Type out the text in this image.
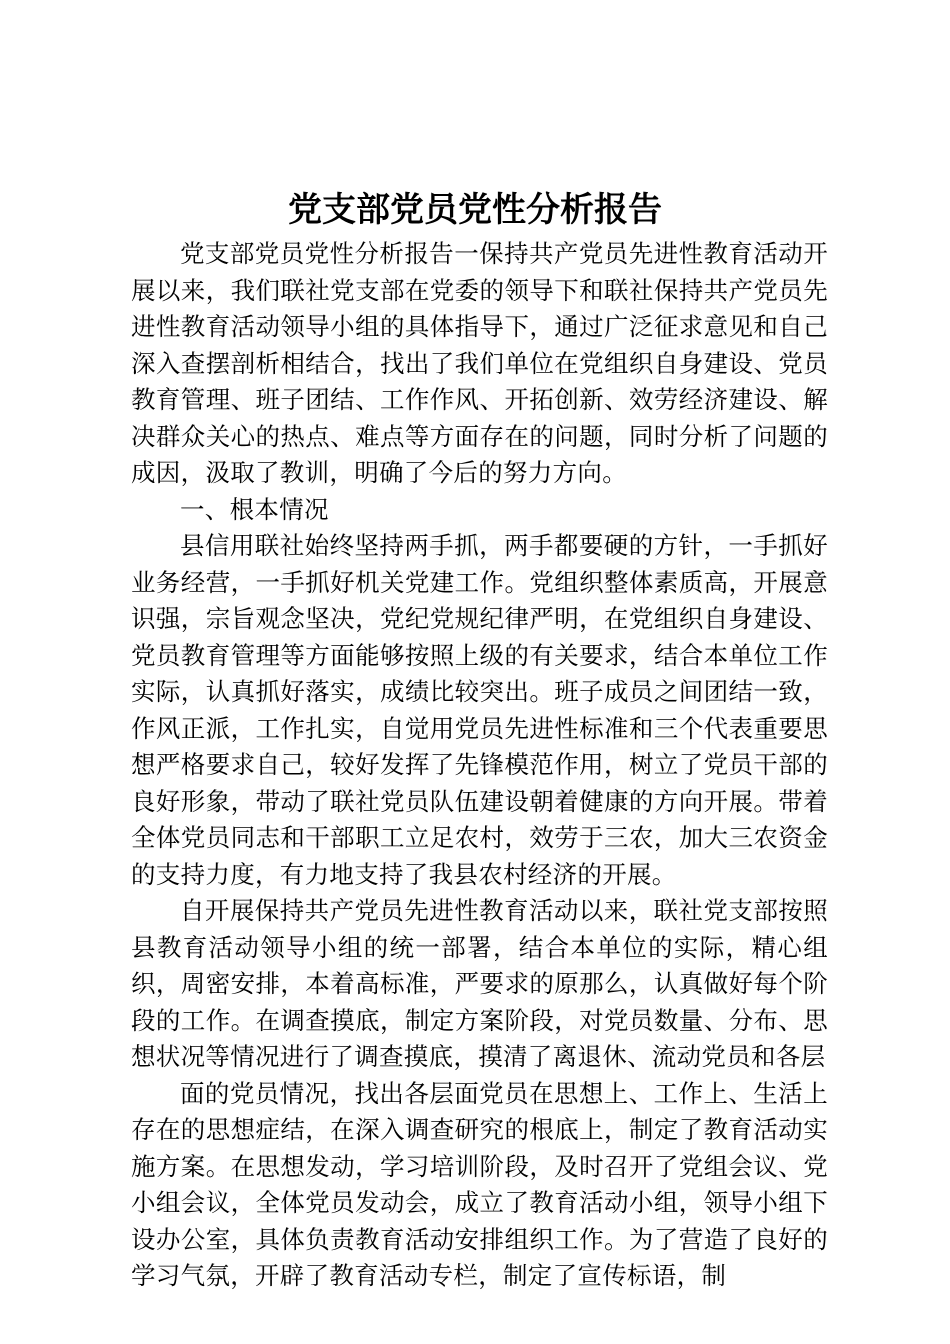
党支部党员党性分析报告

党支部党员党性分析报告一保持共产党员先进性教育活动开展以来，我们联社党支部在党委的领导下和联社保持共产党员先进性教育活动领导小组的具体指导下，通过广泛征求意见和自己深入查摆剖析相结合，找出了我们单位在党组织自身建设、党员教育管理、班子团结、工作作风、开拓创新、效劳经济建设、解决群众关心的热点、难点等方面存在的问题，同时分析了问题的成因，汲取了教训，明确了今后的努力方向。

一、根本情况

县信用联社始终坚持两手抓，两手都要硬的方针，一手抓好业务经营，一手抓好机关党建工作。党组织整体素质高，开展意识强，宗旨观念坚决，党纪党规纪律严明，在党组织自身建设、党员教育管理等方面能够按照上级的有关要求，结合本单位工作实际，认真抓好落实，成绩比较突出。班子成员之间团结一致，作风正派，工作扎实，自觉用党员先进性标准和三个代表重要思想严格要求自己，较好发挥了先锋模范作用，树立了党员干部的良好形象，带动了联社党员队伍建设朝着健康的方向开展。带着全体党员同志和干部职工立足农村，效劳于三农，加大三农资金的支持力度，有力地支持了我县农村经济的开展。

自开展保持共产党员先进性教育活动以来，联社党支部按照县教育活动领导小组的统一部署，结合本单位的实际，精心组织，周密安排，本着高标准，严要求的原那么，认真做好每个阶段的工作。在调查摸底，制定方案阶段，对党员数量、分布、思想状况等情况进行了调查摸底，摸清了离退休、流动党员和各层

面的党员情况，找出各层面党员在思想上、工作上、生活上存在的思想症结，在深入调查研究的根底上，制定了教育活动实施方案。在思想发动，学习培训阶段，及时召开了党组会议、党小组会议，全体党员发动会，成立了教育活动小组，领导小组下设办公室，具体负责教育活动安排组织工作。为了营造了良好的学习气氛，开辟了教育活动专栏，制定了宣传标语，制
